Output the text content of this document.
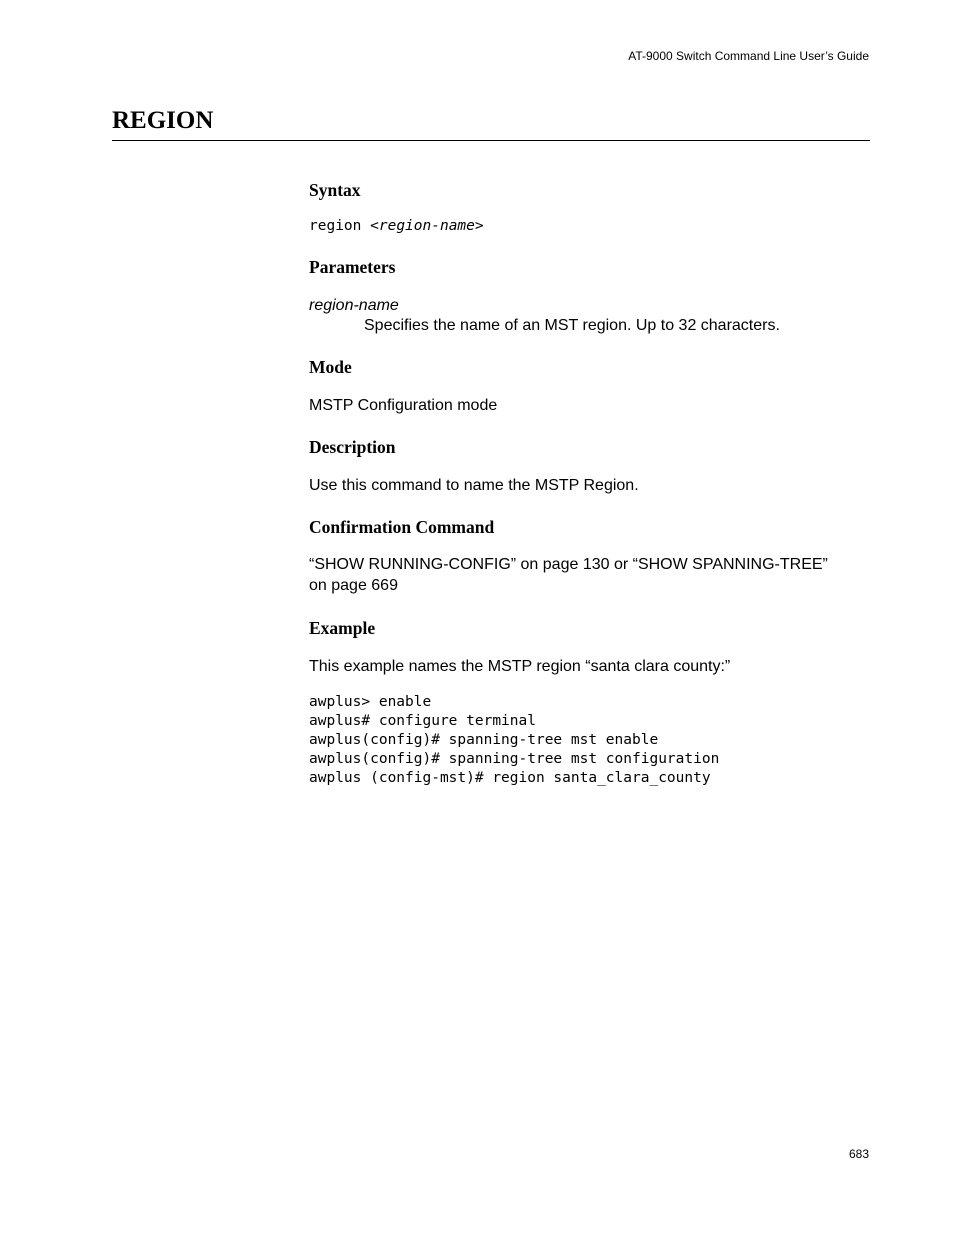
AT-9000 Switch Command Line User’s Guide
REGION
Syntax

region <region-name>

Parameters

region-name

Specifies the name of an MST region. Up to 32 characters.

Mode

MSTP Configuration mode

Description

Use this command to name the MSTP Region.

Confirmation Command

“SHOW RUNNING-CONFIG” on page 130 or “SHOW SPANNING-TREE”

on page 669

Example

This example names the MSTP region “santa clara county:”

awplus> enable

awplus# configure terminal

awplus(config)# spanning-tree mst enable

awplus(config)# spanning-tree mst configuration

awplus (config-mst)# region santa_clara_county

683
